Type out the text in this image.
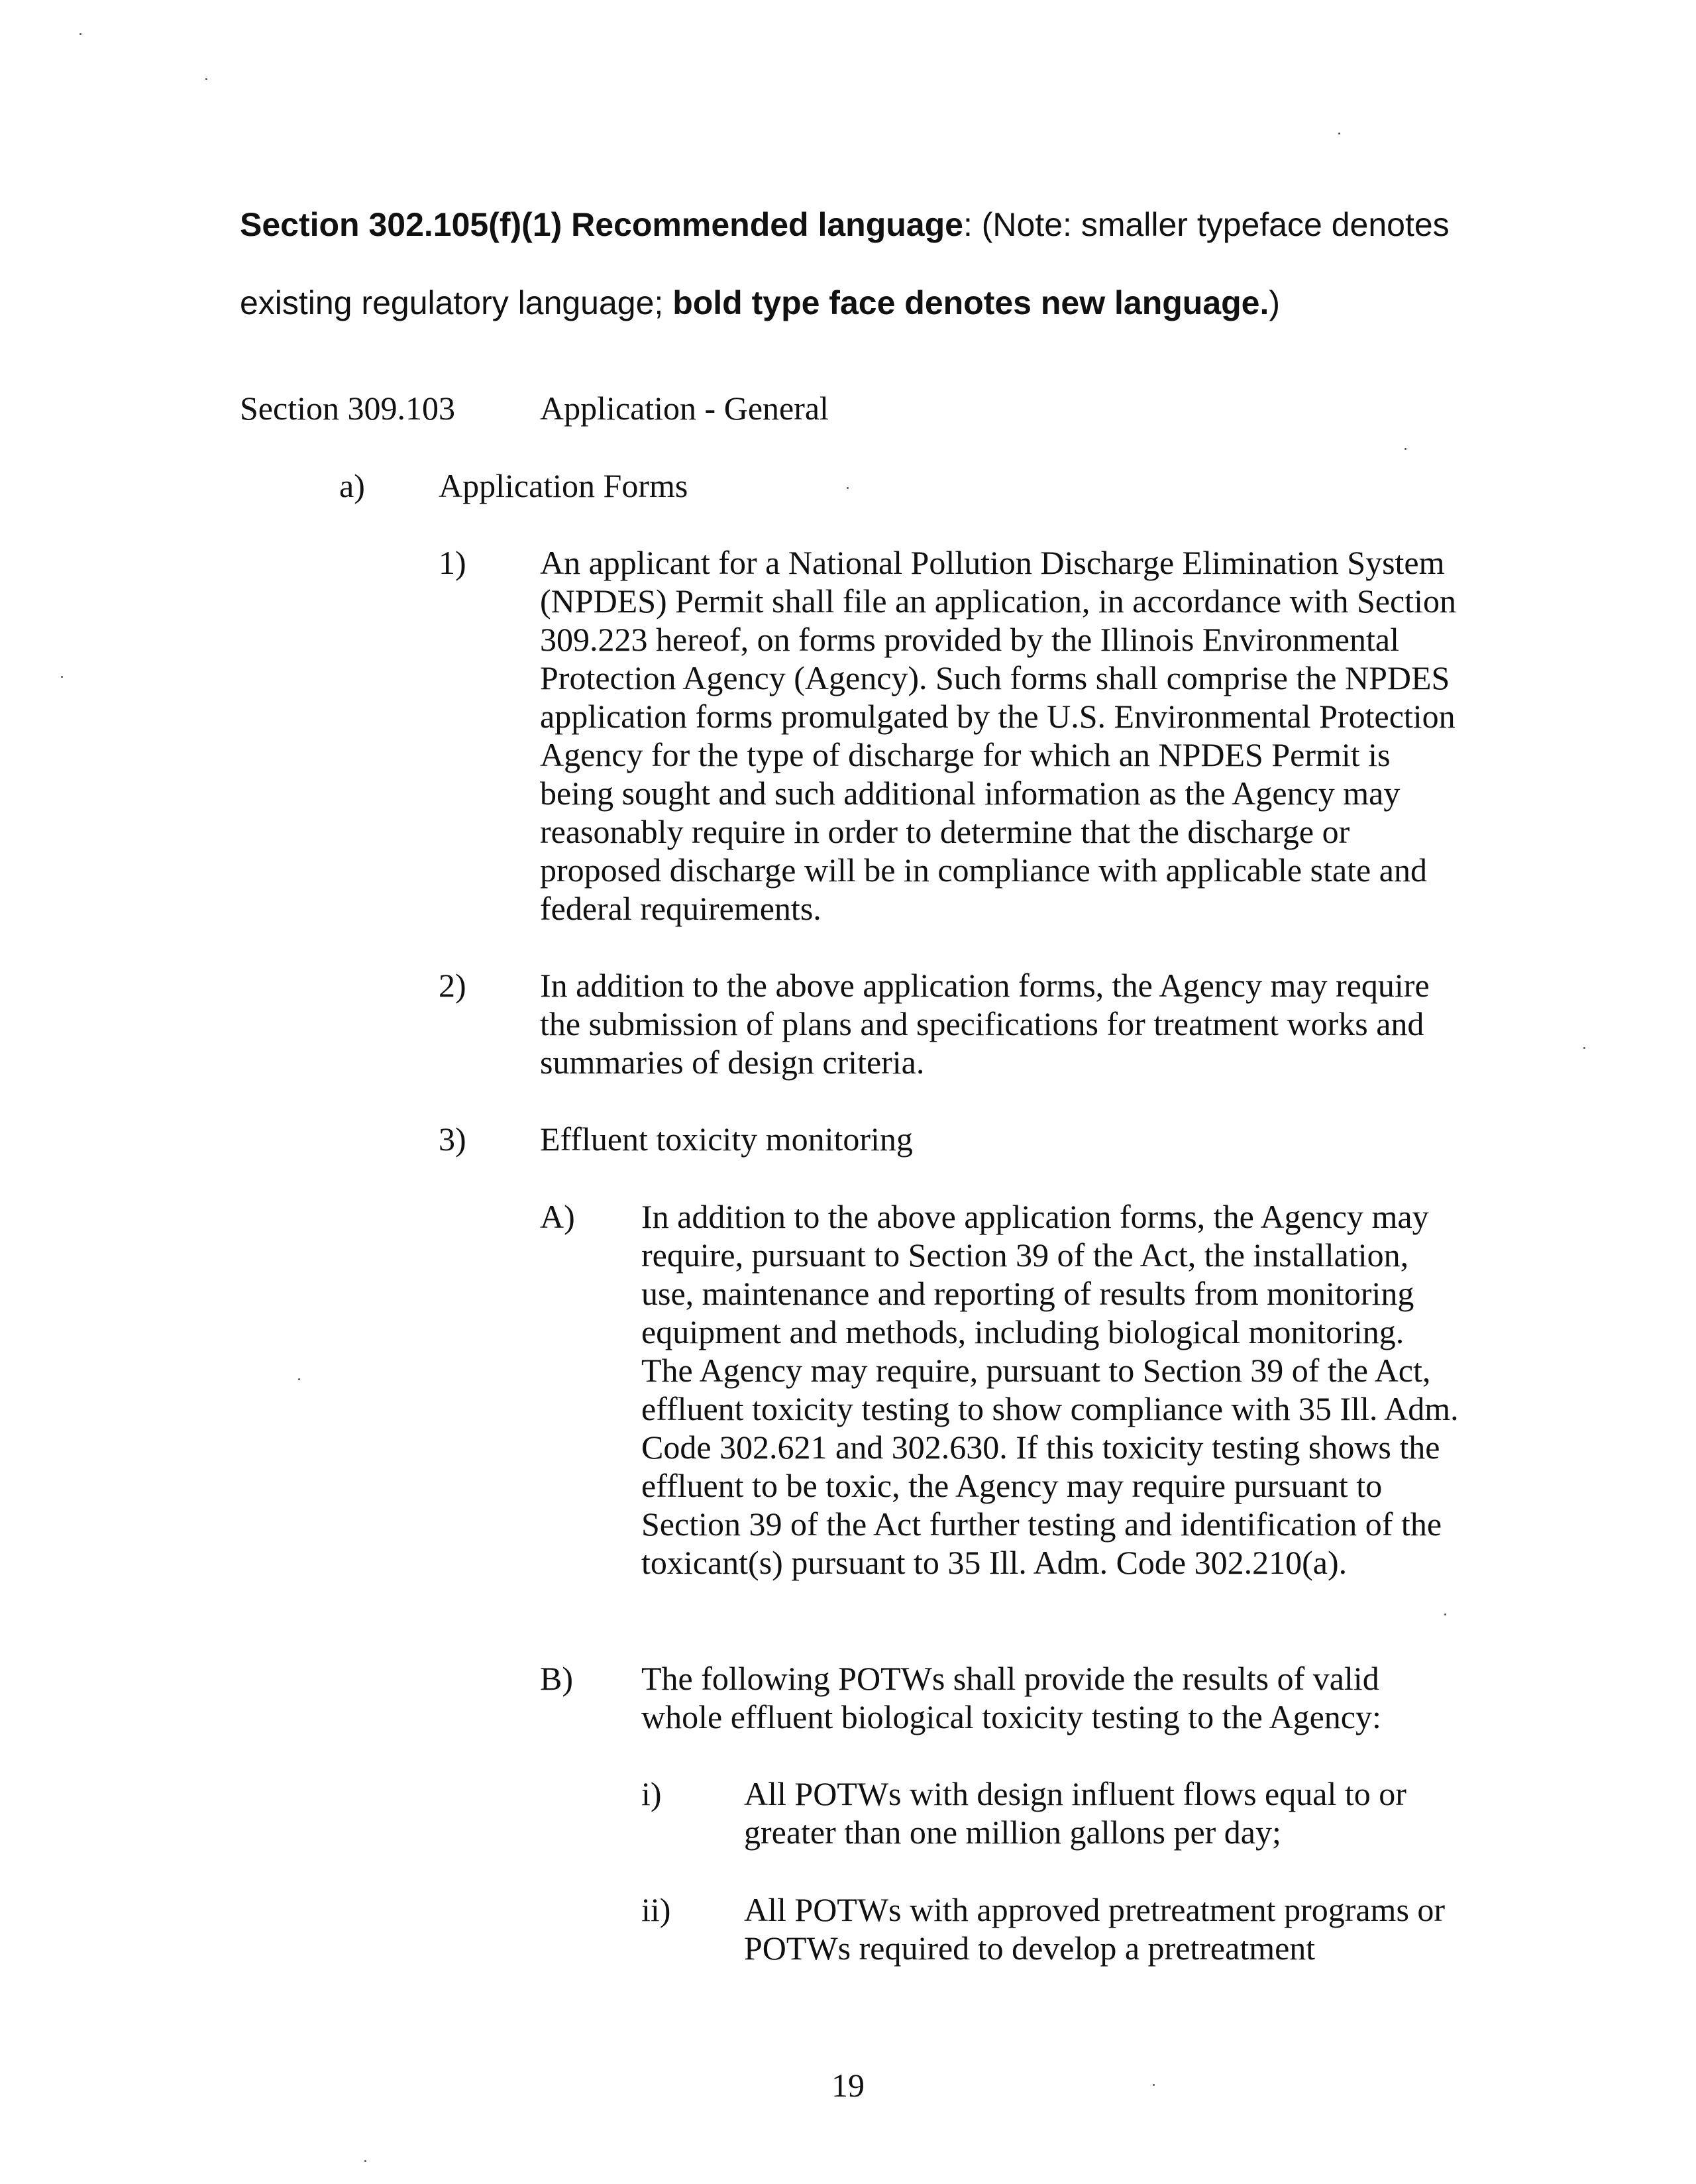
Section 302.105(f)(1) Recommended language: (Note: smaller typeface denotes existing regulatory language; bold type face denotes new language.)
Section 309.103	Application - General
a) Application Forms
1) An applicant for a National Pollution Discharge Elimination System (NPDES) Permit shall file an application, in accordance with Section 309.223 hereof, on forms provided by the Illinois Environmental Protection Agency (Agency). Such forms shall comprise the NPDES application forms promulgated by the U.S. Environmental Protection Agency for the type of discharge for which an NPDES Permit is being sought and such additional information as the Agency may reasonably require in order to determine that the discharge or proposed discharge will be in compliance with applicable state and federal requirements.
2) In addition to the above application forms, the Agency may require the submission of plans and specifications for treatment works and summaries of design criteria.
3) Effluent toxicity monitoring
A) In addition to the above application forms, the Agency may require, pursuant to Section 39 of the Act, the installation, use, maintenance and reporting of results from monitoring equipment and methods, including biological monitoring. The Agency may require, pursuant to Section 39 of the Act, effluent toxicity testing to show compliance with 35 Ill. Adm. Code 302.621 and 302.630. If this toxicity testing shows the effluent to be toxic, the Agency may require pursuant to Section 39 of the Act further testing and identification of the toxicant(s) pursuant to 35 Ill. Adm. Code 302.210(a).
B) The following POTWs shall provide the results of valid whole effluent biological toxicity testing to the Agency:
i) All POTWs with design influent flows equal to or greater than one million gallons per day;
ii) All POTWs with approved pretreatment programs or POTWs required to develop a pretreatment
19
